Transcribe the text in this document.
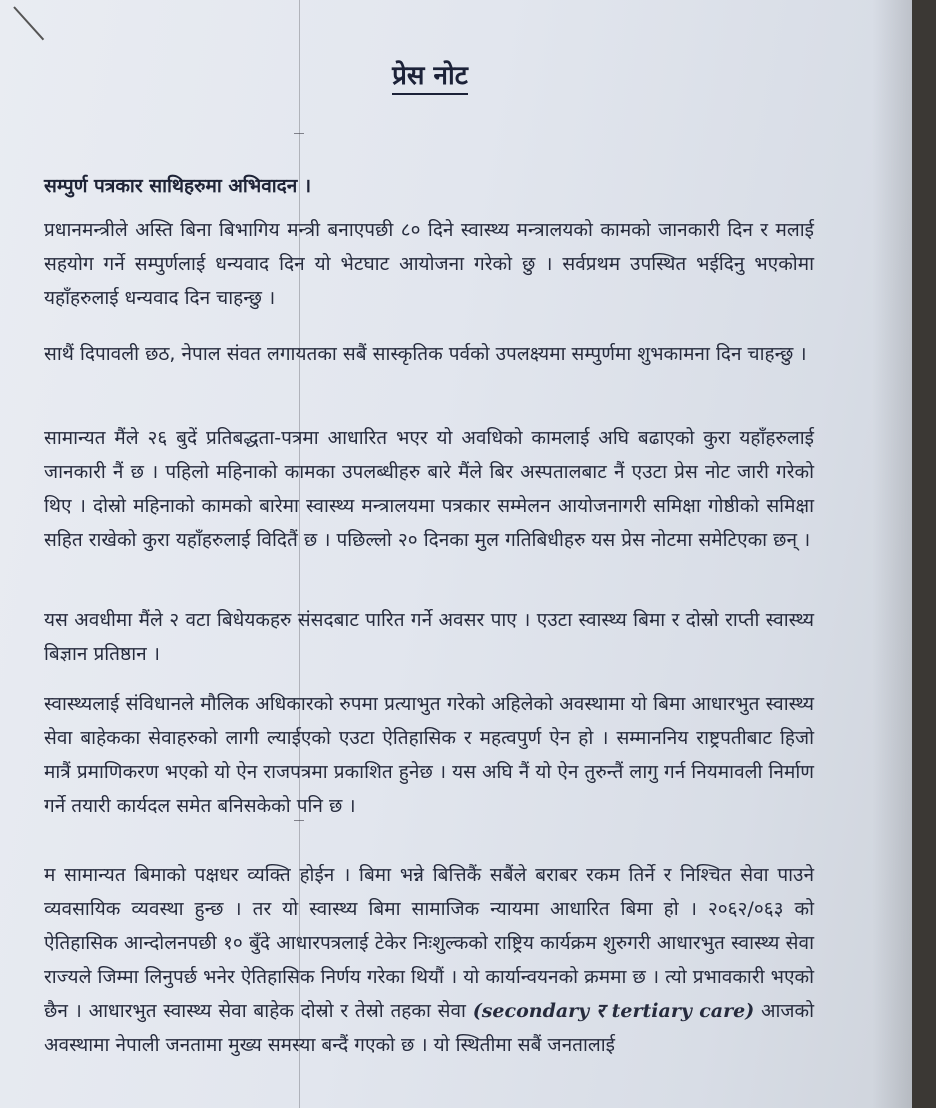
प्रेस नोट
सम्पुर्ण पत्रकार साथिहरुमा अभिवादन ।

प्रधानमन्त्रीले अस्ति बिना बिभागिय मन्त्री बनाएपछी ८० दिने स्वास्थ्य मन्त्रालयको कामको जानकारी दिन र मलाई सहयोग गर्ने सम्पुर्णलाई धन्यवाद दिन यो भेटघाट आयोजना गरेको छु । सर्वप्रथम उपस्थित भईदिनु भएकोमा यहाँहरुलाई धन्यवाद दिन चाहन्छु ।

साथैं दिपावली छठ, नेपाल संवत लगायतका सबैं सास्कृतिक पर्वको उपलक्ष्यमा सम्पुर्णमा शुभकामना दिन चाहन्छु ।

सामान्यत मैंले २६ बुदें प्रतिबद्धता-पत्रमा आधारित भएर यो अवधिको कामलाई अघि बढाएको कुरा यहाँहरुलाई जानकारी नैं छ । पहिलो महिनाको कामका उपलब्धीहरु बारे मैंले बिर अस्पतालबाट नैं एउटा प्रेस नोट जारी गरेको थिए । दोस्रो महिनाको कामको बारेमा स्वास्थ्य मन्त्रालयमा पत्रकार सम्मेलन आयोजनागरी समिक्षा गोष्ठीको समिक्षा सहित राखेको कुरा यहाँहरुलाई विदितैं छ । पछिल्लो २० दिनका मुल गतिबिधीहरु यस प्रेस नोटमा समेटिएका छन् ।

यस अवधीमा मैंले २ वटा बिधेयकहरु संसदबाट पारित गर्ने अवसर पाए । एउटा स्वास्थ्य बिमा र दोस्रो राप्ती स्वास्थ्य बिज्ञान प्रतिष्ठान ।

स्वास्थ्यलाई संविधानले मौलिक अधिकारको रुपमा प्रत्याभुत गरेको अहिलेको अवस्थामा यो बिमा आधारभुत स्वास्थ्य सेवा बाहेकका सेवाहरुको लागी ल्याईएको एउटा ऐतिहासिक र महत्वपुर्ण ऐन हो । सम्माननिय राष्ट्रपतीबाट हिजो मात्रैं प्रमाणिकरण भएको यो ऐन राजपत्रमा प्रकाशित हुनेछ । यस अघि नैं यो ऐन तुरुन्तैं लागु गर्न नियमावली निर्माण गर्ने तयारी कार्यदल समेत बनिसकेको पनि छ ।

म सामान्यत बिमाको पक्षधर व्यक्ति होईन । बिमा भन्ने बित्तिकैं सबैंले बराबर रकम तिर्ने र निश्चित सेवा पाउने व्यवसायिक व्यवस्था हुन्छ । तर यो स्वास्थ्य बिमा सामाजिक न्यायमा आधारित बिमा हो । २०६२/०६३ को ऐतिहासिक आन्दोलनपछी १० बुँदे आधारपत्रलाई टेकेर निःशुल्कको राष्ट्रिय कार्यक्रम शुरुगरी आधारभुत स्वास्थ्य सेवा राज्यले जिम्मा लिनुपर्छ भनेर ऐतिहासिक निर्णय गरेका थियौं । यो कार्यान्वयनको क्रममा छ । त्यो प्रभावकारी भएको छैन । आधारभुत स्वास्थ्य सेवा बाहेक दोस्रो र तेस्रो तहका सेवा (secondary र tertiary care) आजको अवस्थामा नेपाली जनतामा मुख्य समस्या बन्दैं गएको छ । यो स्थितीमा सबैं जनतालाई
